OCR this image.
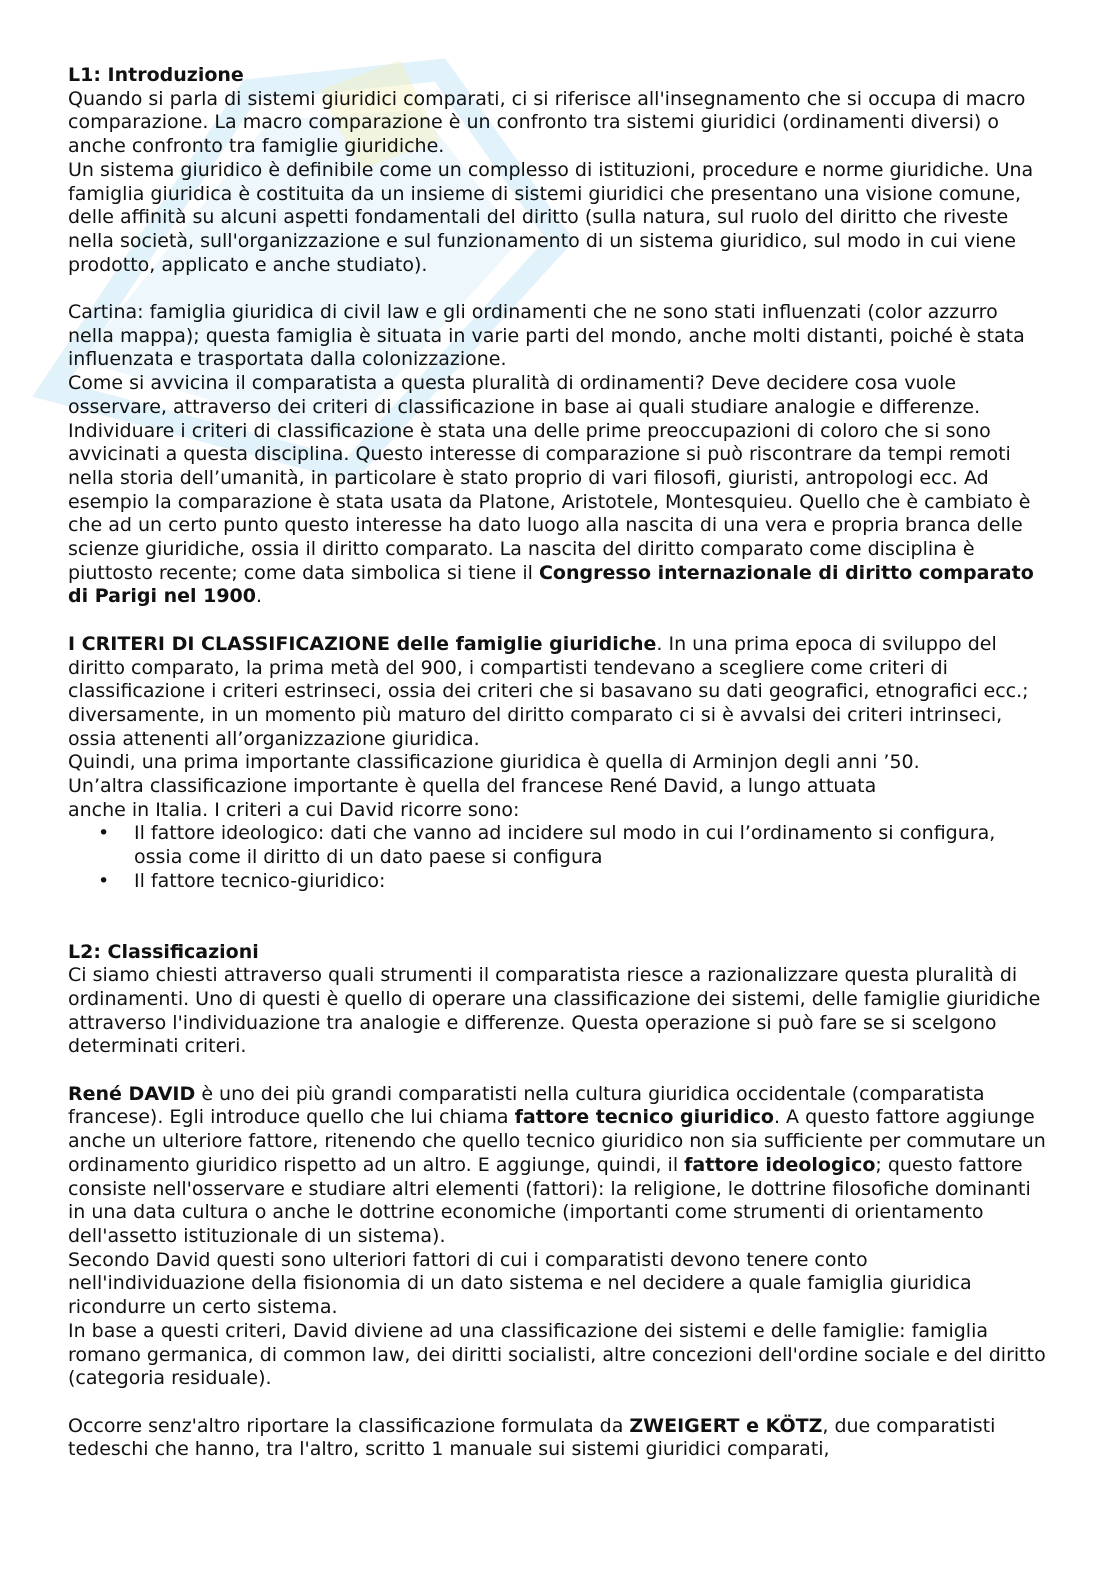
L1: Introduzione

Quando si parla di sistemi giuridici comparati, ci si riferisce all'insegnamento che si occupa di macro comparazione. La macro comparazione è un confronto tra sistemi giuridici (ordinamenti diversi) o anche confronto tra famiglie giuridiche.

Un sistema giuridico è definibile come un complesso di istituzioni, procedure e norme giuridiche. Una famiglia giuridica è costituita da un insieme di sistemi giuridici che presentano una visione comune, delle affinità su alcuni aspetti fondamentali del diritto (sulla natura, sul ruolo del diritto che riveste nella società, sull'organizzazione e sul funzionamento di un sistema giuridico, sul modo in cui viene prodotto, applicato e anche studiato).

Cartina: famiglia giuridica di civil law e gli ordinamenti che ne sono stati influenzati (color azzurro nella mappa); questa famiglia è situata in varie parti del mondo, anche molti distanti, poiché è stata influenzata e trasportata dalla colonizzazione.

Come si avvicina il comparatista a questa pluralità di ordinamenti? Deve decidere cosa vuole osservare, attraverso dei criteri di classificazione in base ai quali studiare analogie e differenze. Individuare i criteri di classificazione è stata una delle prime preoccupazioni di coloro che si sono avvicinati a questa disciplina. Questo interesse di comparazione si può riscontrare da tempi remoti nella storia dell’umanità, in particolare è stato proprio di vari filosofi, giuristi, antropologi ecc. Ad esempio la comparazione è stata usata da Platone, Aristotele, Montesquieu. Quello che è cambiato è che ad un certo punto questo interesse ha dato luogo alla nascita di una vera e propria branca delle scienze giuridiche, ossia il diritto comparato. La nascita del diritto comparato come disciplina è piuttosto recente; come data simbolica si tiene il Congresso internazionale di diritto comparato di Parigi nel 1900.

I CRITERI DI CLASSIFICAZIONE delle famiglie giuridiche. In una prima epoca di sviluppo del diritto comparato, la prima metà del 900, i compartisti tendevano a scegliere come criteri di classificazione i criteri estrinseci, ossia dei criteri che si basavano su dati geografici, etnografici ecc.; diversamente, in un momento più maturo del diritto comparato ci si è avvalsi dei criteri intrinseci, ossia attenenti all’organizzazione giuridica.

Quindi, una prima importante classificazione giuridica è quella di Arminjon degli anni ’50.

Un’altra classificazione importante è quella del francese René David, a lungo attuata

anche in Italia. I criteri a cui David ricorre sono:

• Il fattore ideologico: dati che vanno ad incidere sul modo in cui l’ordinamento si configura, ossia come il diritto di un dato paese si configura
• Il fattore tecnico-giuridico:
L2: Classificazioni

Ci siamo chiesti attraverso quali strumenti il comparatista riesce a razionalizzare questa pluralità di ordinamenti. Uno di questi è quello di operare una classificazione dei sistemi, delle famiglie giuridiche attraverso l'individuazione tra analogie e differenze. Questa operazione si può fare se si scelgono determinati criteri.

René DAVID è uno dei più grandi comparatisti nella cultura giuridica occidentale (comparatista francese). Egli introduce quello che lui chiama fattore tecnico giuridico. A questo fattore aggiunge anche un ulteriore fattore, ritenendo che quello tecnico giuridico non sia sufficiente per commutare un ordinamento giuridico rispetto ad un altro. E aggiunge, quindi, il fattore ideologico; questo fattore consiste nell'osservare e studiare altri elementi (fattori): la religione, le dottrine filosofiche dominanti in una data cultura o anche le dottrine economiche (importanti come strumenti di orientamento dell'assetto istituzionale di un sistema).

Secondo David questi sono ulteriori fattori di cui i comparatisti devono tenere conto nell'individuazione della fisionomia di un dato sistema e nel decidere a quale famiglia giuridica ricondurre un certo sistema.

In base a questi criteri, David diviene ad una classificazione dei sistemi e delle famiglie: famiglia romano germanica, di common law, dei diritti socialisti, altre concezioni dell'ordine sociale e del diritto (categoria residuale).

Occorre senz'altro riportare la classificazione formulata da ZWEIGERT e KÖTZ, due comparatisti tedeschi che hanno, tra l'altro, scritto 1 manuale sui sistemi giuridici comparati,
